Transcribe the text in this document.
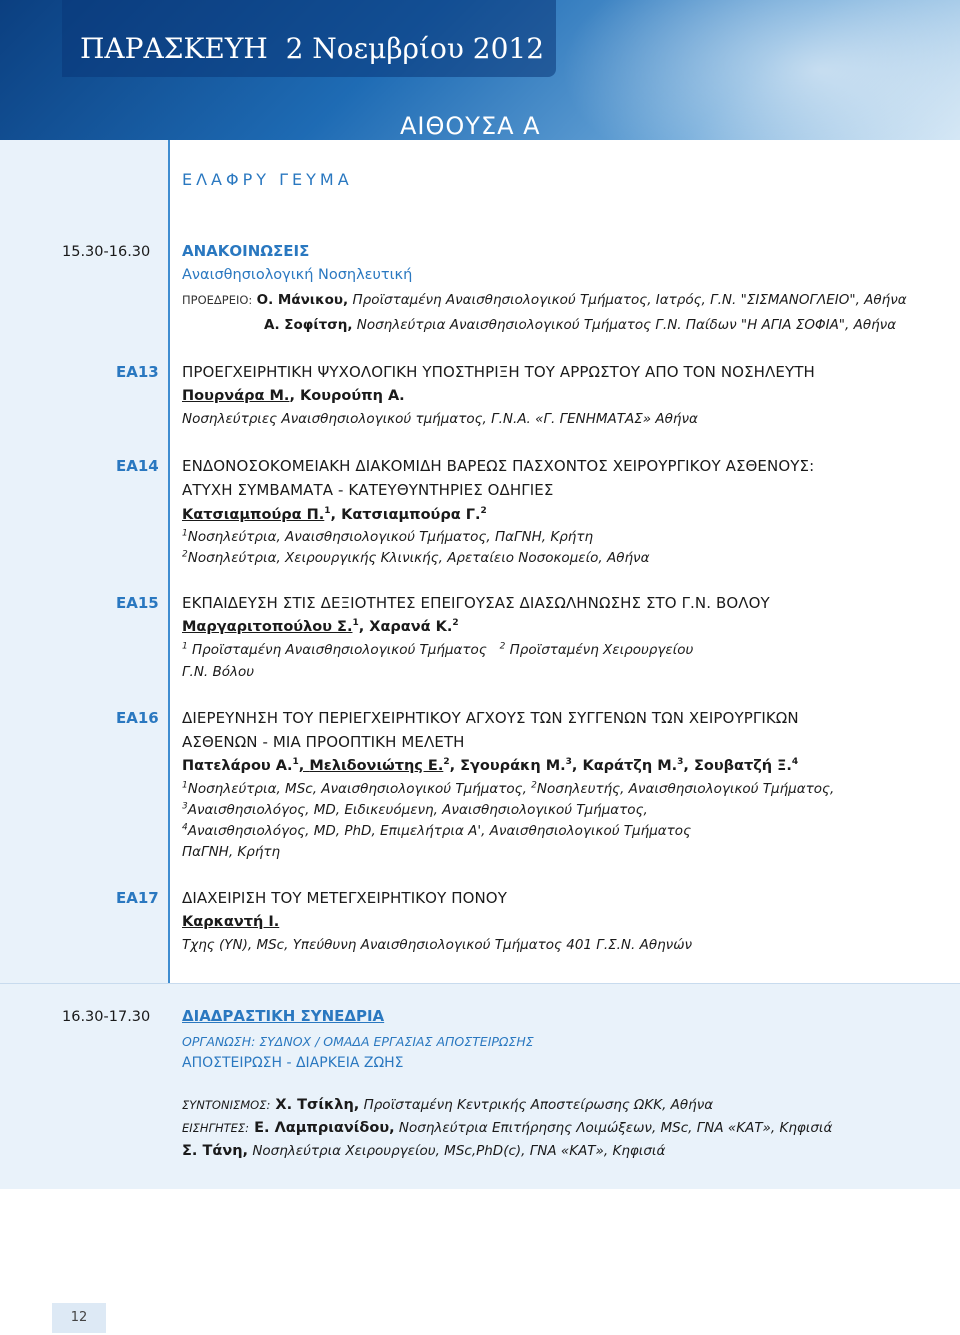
ΠΑΡΑΣΚΕΥΗ 2 Νοεμβρίου 2012
ΑΙΘΟΥΣΑ Α
ΕΛΑΦΡΥ ΓΕΥΜΑ
15.30-16.30 ΑΝΑΚΟΙΝΩΣΕΙΣ
Αναισθησιολογική Νοσηλευτική
ΠΡΟΕΔΡΕΙΟ: Ο. Μάνικου, Προϊσταμένη Αναισθησιολογικού Τμήματος, Ιατρός, Γ.Ν. "ΣΙΣΜΑΝΟΓΛΕΙΟ", Αθήνα
Α. Σοφίτση, Νοσηλεύτρια Αναισθησιολογικού Τμήματος Γ.Ν. Παίδων "Η ΑΓΙΑ ΣΟΦΙΑ", Αθήνα
ΕΑ13 ΠΡΟΕΓΧΕΙΡΗΤΙΚΗ ΨΥΧΟΛΟΓΙΚΗ ΥΠΟΣΤΗΡΙΞΗ ΤΟΥ ΑΡΡΩΣΤΟΥ ΑΠΟ ΤΟΝ ΝΟΣΗΛΕΥΤΗ
Πουρνάρα Μ., Κουρούπη Α.
Νοσηλεύτριες Αναισθησιολογικού τμήματος, Γ.Ν.Α. «Γ. ΓΕΝΗΜΑΤΑΣ» Αθήνα
ΕΑ14 ΕΝΔΟΝΟΣΟΚΟΜΕΙΑΚΗ ΔΙΑΚΟΜΙΔΗ ΒΑΡΕΩΣ ΠΑΣΧΟΝΤΟΣ ΧΕΙΡΟΥΡΓΙΚΟΥ ΑΣΘΕΝΟΥΣ:
ΑΤΥΧΗ ΣΥΜΒΑΜΑΤΑ - ΚΑΤΕΥΘΥΝΤΗΡΙΕΣ ΟΔΗΓΙΕΣ
Κατσιαμπούρα Π.$^1$, Κατσιαμπούρα Γ.$^2$
$^1$Νοσηλεύτρια, Αναισθησιολογικού Τμήματος, ΠαΓΝΗ, Κρήτη
$^2$Νοσηλεύτρια, Χειρουργικής Κλινικής, Αρεταίειο Νοσοκομείο, Αθήνα
ΕΑ15 ΕΚΠΑΙΔΕΥΣΗ ΣΤΙΣ ΔΕΞΙΟΤΗΤΕΣ ΕΠΕΙΓΟΥΣΑΣ ΔΙΑΣΩΛΗΝΩΣΗΣ ΣΤΟ Γ.Ν. ΒΟΛΟΥ
Μαργαριτοπούλου Σ.$^1$, Χαρανά Κ.$^2$
$^1$ Προϊσταμένη Αναισθησιολογικού Τμήματος $^2$ Προϊσταμένη Χειρουργείου
Γ.Ν. Βόλου
ΕΑ16 ΔΙΕΡΕΥΝΗΣΗ ΤΟΥ ΠΕΡΙΕΓΧΕΙΡΗΤΙΚΟΥ ΑΓΧΟΥΣ ΤΩΝ ΣΥΓΓΕΝΩΝ ΤΩΝ ΧΕΙΡΟΥΡΓΙΚΩΝ
ΑΣΘΕΝΩΝ - ΜΙΑ ΠΡΟΟΠΤΙΚΗ ΜΕΛΕΤΗ
Πατελάρου Α.$^1$, Μελιδονιώτης Ε.$^2$, Σγουράκη Μ.$^3$, Καράτζη Μ.$^3$, Σουβατζή Ξ.$^4$
$^1$Νοσηλεύτρια, MSc, Αναισθησιολογικού Τμήματος, $^2$Νοσηλευτής, Αναισθησιολογικού Τμήματος,
$^3$Αναισθησιολόγος, MD, Ειδικευόμενη, Αναισθησιολογικού Τμήματος,
$^4$Αναισθησιολόγος, MD, PhD, Επιμελήτρια Α', Αναισθησιολογικού Τμήματος
ΠαΓΝΗ, Κρήτη
ΕΑ17 ΔΙΑΧΕΙΡΙΣΗ ΤΟΥ ΜΕΤΕΓΧΕΙΡΗΤΙΚΟΥ ΠΟΝΟΥ
Καρκαντή Ι.
Τχης (ΥΝ), MSc, Υπεύθυνη Αναισθησιολογικού Τμήματος 401 Γ.Σ.Ν. Αθηνών
16.30-17.30 ΔΙΑΔΡΑΣΤΙΚΗ ΣΥΝΕΔΡΙΑ
ΟΡΓΑΝΩΣΗ: ΣΥΔΝΟΧ / ΟΜΑΔΑ ΕΡΓΑΣΙΑΣ ΑΠΟΣΤΕΙΡΩΣΗΣ
ΑΠΟΣΤΕΙΡΩΣΗ - ΔΙΑΡΚΕΙΑ ΖΩΗΣ
ΣΥΝΤΟΝΙΣΜΟΣ: Χ. Τσίκλη, Προϊσταμένη Κεντρικής Αποστείρωσης ΩΚΚ, Αθήνα
ΕΙΣΗΓΗΤΕΣ: Ε. Λαμπριανίδου, Νοσηλεύτρια Επιτήρησης Λοιμώξεων, MSc, ΓΝΑ «ΚΑΤ», Κηφισιά
Σ. Τάνη, Νοσηλεύτρια Χειρουργείου, MSc,PhD(c), ΓΝΑ «ΚΑΤ», Κηφισιά
12
